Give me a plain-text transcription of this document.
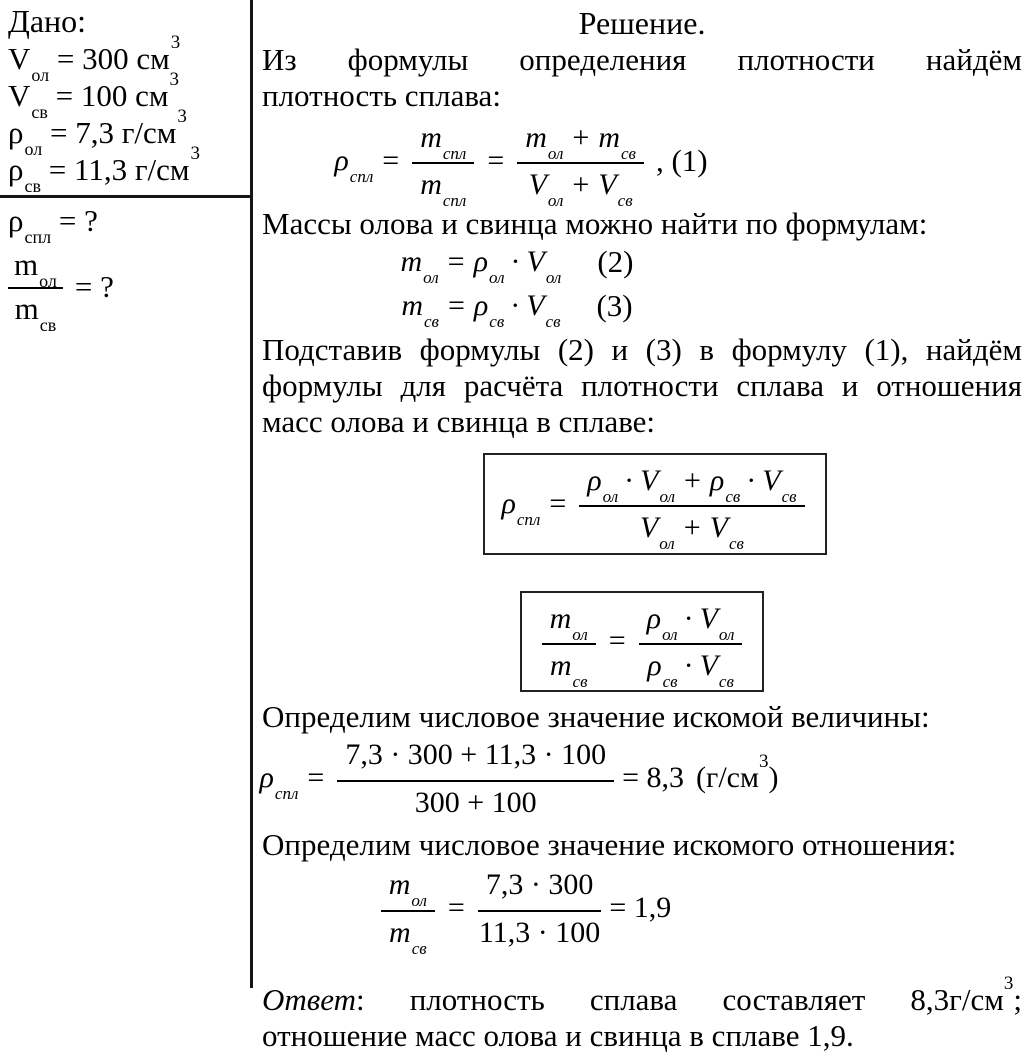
Дано:
$V_{ол} = 300$ $см^3$
$V_{св} = 100$ $см^3$
$\rho_{ол} = 7,3$ $г/см^3$
$\rho_{св} = 11,3$ $г/см^3$
$\rho_{спл}$ = ?
$m_{ол}$
$m_{св}$
= ?
Решение.
Из формулы определения плотности найдём
плотность сплава:
$\rho_{спл} = \frac{m_{спл}}{m_{спл}} = \frac{m_{ол} + m_{св}}{V_{ол} + V_{св}}$ , (1)
Массы олова и свинца можно найти по формулам:
$m_{ол} = \rho_{ол} \cdot V_{ол}$ (2)
$m_{св} = \rho_{св} \cdot V_{св}$ (3)
Подставив формулы (2) и (3) в формулу (1), найдём
формулы для расчёта плотности сплава и отношения
масс олова и свинца в сплаве:
$\rho_{спл} = \frac{\rho_{ол} \cdot V_{ол} + \rho_{св} \cdot V_{св}}{V_{ол} + V_{св}}$
$\frac{m_{ол}}{m_{св}} = \frac{\rho_{ол} \cdot V_{ол}}{\rho_{св} \cdot V_{св}}$
Определим числовое значение искомой величины:
$\rho_{спл} = \frac{7,3 \cdot 300 + 11,3 \cdot 100}{300 + 100} = 8,3$ $(г/см^3)$
Определим числовое значение искомого отношения:
$\frac{m_{ол}}{m_{св}} = \frac{7,3 \cdot 300}{11,3 \cdot 100} = 1,9$

Ответ: плотность сплава составляет $8,3г/см^3$;

отношение масс олова и свинца в сплаве 1,9.
